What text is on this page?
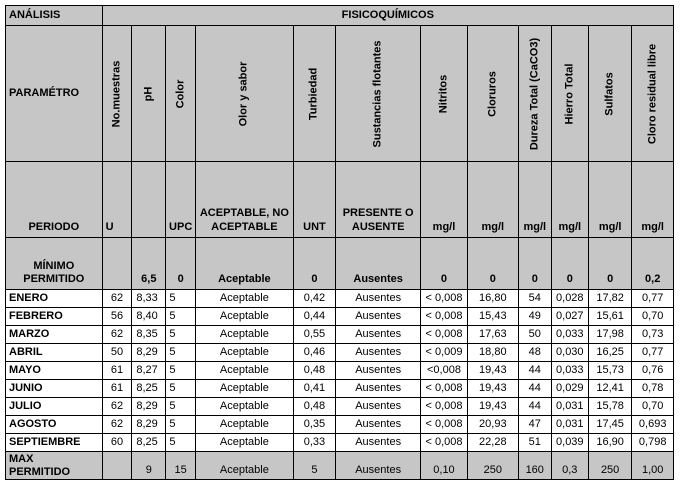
ANÁLISIS	FISICOQUÍMICOS											
PARAMÉTRO	No.muestras	pH	Color	Olor y sabor	Turbiedad	Sustancias flotantes	Nitritos	Cloruros	Dureza Total (CaCO3)	Hierro Total	Sulfatos	Cloro residual libre

PERIODO	U		UPC	ACEPTABLE, NO ACEPTABLE	UNT	PRESENTE O AUSENTE	mg/l	mg/l	mg/l	mg/l	mg/l	mg/l
MÍNIMO
PERMITIDO		6,5	0	Aceptable	0	Ausentes	0	0	0	0	0	0,2
ENERO	62	8,33	5	Aceptable	0,42	Ausentes	< 0,008	16,80	54	0,028	17,82	0,77
FEBRERO	56	8,40	5	Aceptable	0,44	Ausentes	< 0,008	15,43	49	0,027	15,61	0,70
MARZO	62	8,35	5	Aceptable	0,55	Ausentes	< 0,008	17,63	50	0,033	17,98	0,73
ABRIL	50	8,29	5	Aceptable	0,46	Ausentes	< 0,009	18,80	48	0,030	16,25	0,77
MAYO	61	8,27	5	Aceptable	0,48	Ausentes	<0,008	19,43	44	0,033	15,73	0,76
JUNIO	61	8,25	5	Aceptable	0,41	Ausentes	< 0,008	19,43	44	0,029	12,41	0,78
JULIO	62	8,29	5	Aceptable	0,48	Ausentes	< 0,008	19,43	44	0,031	15,78	0,70
AGOSTO	62	8,29	5	Aceptable	0,35	Ausentes	< 0,008	20,93	47	0,031	17,45	0,693
SEPTIEMBRE	60	8,25	5	Aceptable	0,33	Ausentes	< 0,008	22,28	51	0,039	16,90	0,798
MAX
PERMITIDO		9	15	Aceptable	5	Ausentes	0,10	250	160	0,3	250	1,00
